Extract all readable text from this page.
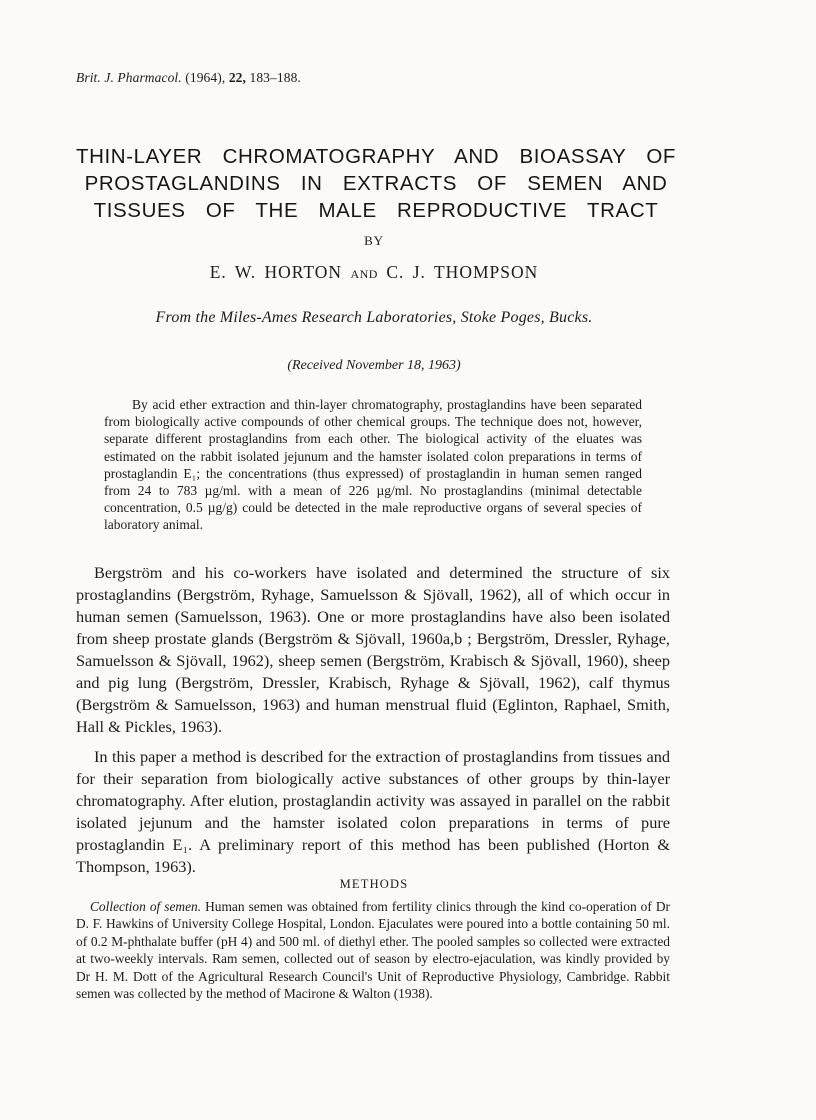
Brit. J. Pharmacol. (1964), 22, 183–188.
THIN-LAYER CHROMATOGRAPHY AND BIOASSAY OF
PROSTAGLANDINS IN EXTRACTS OF SEMEN AND
TISSUES OF THE MALE REPRODUCTIVE TRACT
BY
E. W. HORTON AND C. J. THOMPSON
From the Miles-Ames Research Laboratories, Stoke Poges, Bucks.
(Received November 18, 1963)

By acid ether extraction and thin-layer chromatography, prostaglandins have been separated from biologically active compounds of other chemical groups. The technique does not, however, separate different prostaglandins from each other. The biological activity of the eluates was estimated on the rabbit isolated jejunum and the hamster isolated colon preparations in terms of prostaglandin E₁; the concentrations (thus expressed) of prostaglandin in human semen ranged from 24 to 783 µg/ml. with a mean of 226 µg/ml. No prostaglandins (minimal detectable concentration, 0.5 µg/g) could be detected in the male reproductive organs of several species of laboratory animal.

Bergström and his co-workers have isolated and determined the structure of six prostaglandins (Bergström, Ryhage, Samuelsson & Sjövall, 1962), all of which occur in human semen (Samuelsson, 1963). One or more prostaglandins have also been isolated from sheep prostate glands (Bergström & Sjövall, 1960a,b ; Bergström, Dressler, Ryhage, Samuelsson & Sjövall, 1962), sheep semen (Bergström, Krabisch & Sjövall, 1960), sheep and pig lung (Bergström, Dressler, Krabisch, Ryhage & Sjövall, 1962), calf thymus (Bergström & Samuelsson, 1963) and human menstrual fluid (Eglinton, Raphael, Smith, Hall & Pickles, 1963).

In this paper a method is described for the extraction of prostaglandins from tissues and for their separation from biologically active substances of other groups by thin-layer chromatography. After elution, prostaglandin activity was assayed in parallel on the rabbit isolated jejunum and the hamster isolated colon preparations in terms of pure prostaglandin E₁. A preliminary report of this method has been published (Horton & Thompson, 1963).

METHODS

Collection of semen. Human semen was obtained from fertility clinics through the kind co-operation of Dr D. F. Hawkins of University College Hospital, London. Ejaculates were poured into a bottle containing 50 ml. of 0.2 M-phthalate buffer (pH 4) and 500 ml. of diethyl ether. The pooled samples so collected were extracted at two-weekly intervals. Ram semen, collected out of season by electro-ejaculation, was kindly provided by Dr H. M. Dott of the Agricultural Research Council's Unit of Reproductive Physiology, Cambridge. Rabbit semen was collected by the method of Macirone & Walton (1938).
